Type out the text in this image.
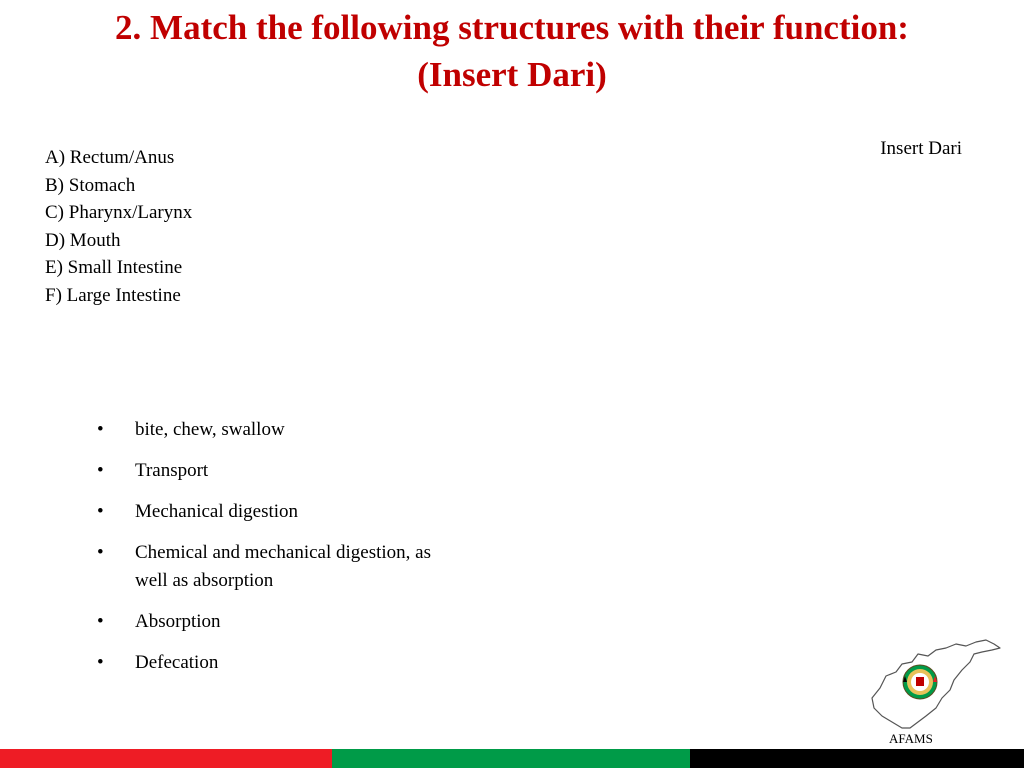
2. Match the following structures with their function:
(Insert Dari)
Insert Dari
A) Rectum/Anus
B) Stomach
C) Pharynx/Larynx
D) Mouth
E) Small Intestine
F) Large Intestine
• bite, chew, swallow
• Transport
• Mechanical digestion
• Chemical and mechanical digestion, as well as absorption
• Absorption
• Defecation
AFAMS
